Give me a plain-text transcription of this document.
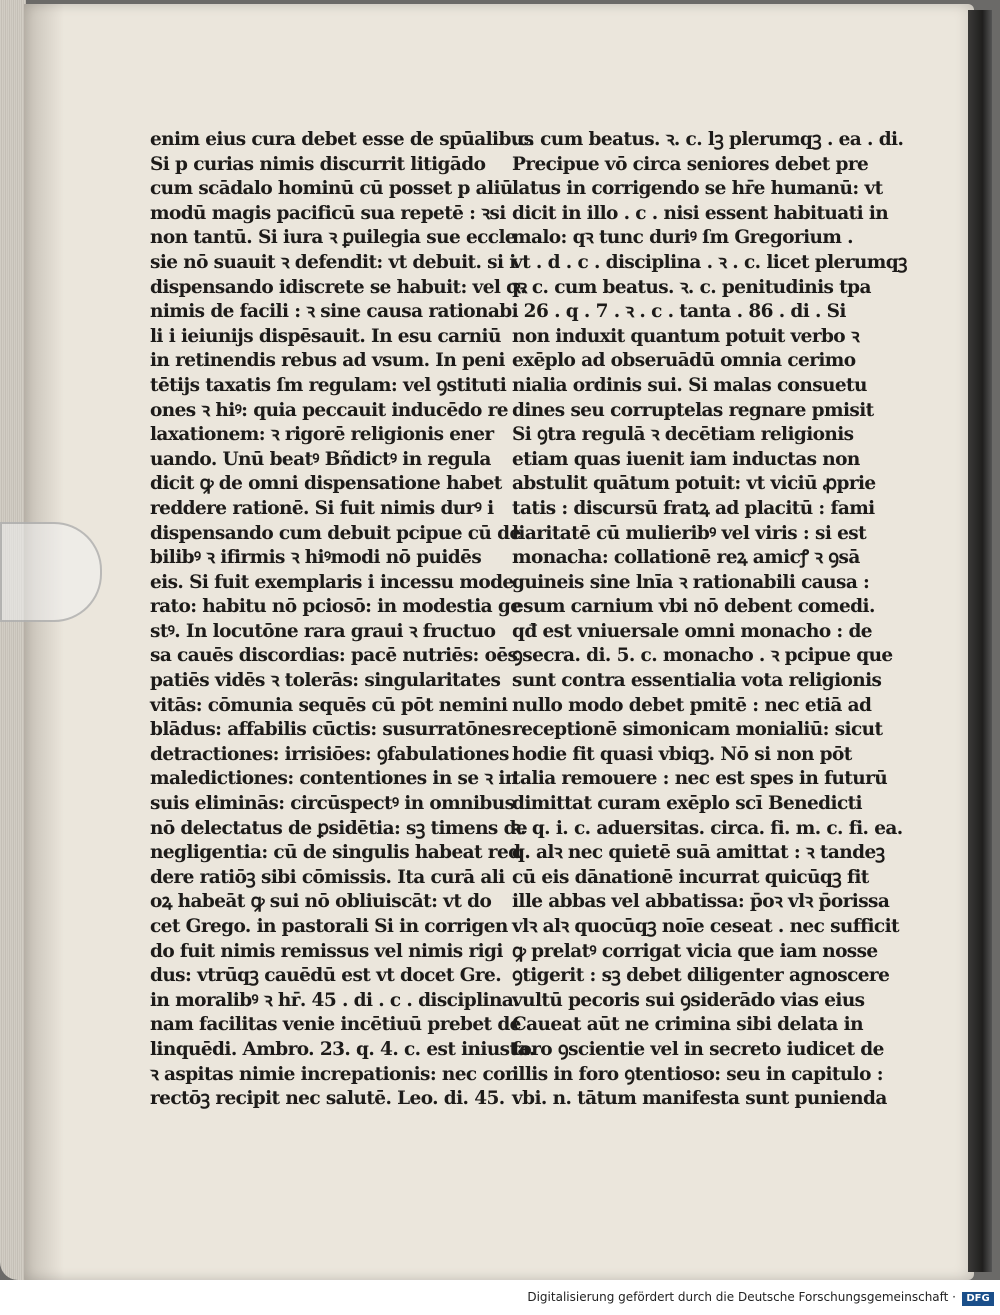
enim eius cura debet esse de spūalibus
Si p curias nimis discurrit litigādo
cum scādalo hominū cū posset p aliū
modū magis pacificū sua repetē : ꝛsi
non tantū. Si iura ꝛ ꝑuilegia sue eccle
sie nō suauit ꝛ defendit: vt debuit. si i
dispensando idiscrete se habuit: vel qꝛ
nimis de facili : ꝛ sine causa rationabi
li i ieiunijs dispēsauit. In esu carniū
in retinendis rebus ad vsum. In peni
tētijs taxatis ſm regulam: vel ꝯstituti
ones ꝛ hiꝰ: quia peccauit inducēdo re
laxationem: ꝛ rigorē religionis ener
uando. Unū beatꝰ Bñdictꝰ in regula
dicit ꝙ de omni dispensatione habet
reddere rationē. Si fuit nimis durꝰ i
dispensando cum debuit pcipue cū de
bilibꝰ ꝛ ifirmis ꝛ hiꝰmodi nō puidēs
eis. Si fuit exemplaris i incessu mode
rato: habitu nō pciosō: in modestia ge
stꝰ. In locutōne rara graui ꝛ fructuo
sa cauēs discordias: pacē nutriēs: oēs
patiēs vidēs ꝛ tolerās: singularitates
vitās: cōmunia sequēs cū pōt nemini
blādus: affabilis cūctis: susurratōnes
detractiones: irrisiōes: ꝯfabulationes
maledictiones: contentiones in se ꝛ in
suis eliminās: circūspectꝰ in omnibus
nō delectatus de ꝑsidētia: sꝫ timens de
negligentia: cū de singulis habeat red
dere ratiōꝫ sibi cōmissis. Ita curā ali
oꝝ habeāt ꝙ sui nō obliuiscāt: vt do
cet Grego. in pastorali Si in corrigen
do fuit nimis remissus vel nimis rigi
dus: vtrūqꝫ cauēdū est vt docet Gre.
in moralibꝰ ꝛ hr̄. 45 . di . c . disciplina.
nam facilitas venie incētiuū prebet de
linquēdi. Ambro. 23. q. 4. c. est iniusta.
ꝛ aspitas nimie increpationis: nec cor
rectōꝫ recipit nec salutē. Leo. di. 45.
.c. cum beatus. ꝛ. c. lꝫ plerumqꝫ . ea . di.
Precipue vō circa seniores debet pre
latus in corrigendo se hr̄e humanū: vt
dicit in illo . c . nisi essent habituati in
malo: qꝛ tunc duriꝰ ſm Gregorium .
vt . d . c . disciplina . ꝛ . c. licet plerumqꝫ
ꝛ. c. cum beatus. ꝛ. c. penitudinis tpa
. 26 . q . 7 . ꝛ . c . tanta . 86 . di . Si
non induxit quantum potuit verbo ꝛ
exēplo ad obseruādū omnia cerimo
nialia ordinis sui. Si malas consuetu
dines seu corruptelas regnare pmisit
Si ꝯtra regulā ꝛ decētiam religionis
etiam quas iuenit iam inductas non
abstulit quātum potuit: vt viciū ꝓprie
tatis : discursū fratꝝ ad placitū : fami
liaritatē cū mulieribꝰ vel viris : si est
monacha: collationē reꝝ amicꝭ ꝛ ꝯsā
guineis sine lnīa ꝛ rationabili causa :
esum carnium vbi nō debent comedi.
qđ est vniuersale omni monacho : de
ꝯsecra. di. 5. c. monacho . ꝛ pcipue que
sunt contra essentialia vota religionis
nullo modo debet pmitē : nec etiā ad
receptionē simonicam monialiū: sicut
hodie fit quasi vbiqꝫ. Nō si non pōt
talia remouere : nec est spes in futurū
dimittat curam exēplo scī Benedicti
ꝛ. q. i. c. aduersitas. circa. fi. m. c. fi. ea.
q. alꝛ nec quietē suā amittat : ꝛ tandeꝫ
cū eis dānationē incurrat quicūqꝫ fit
ille abbas vel abbatissa: p̄oꝛ vlꝛ p̄orissa
vlꝛ alꝛ quocūqꝫ noīe ceseat . nec sufficit
ꝙ prelatꝰ corrigat vicia que iam nosse
ꝯtigerit : sꝫ debet diligenter agnoscere
vultū pecoris sui ꝯsiderādo vias eius
Caueat aūt ne crimina sibi delata in
foro ꝯscientie vel in secreto iudicet de
illis in foro ꝯtentioso: seu in capitulo :
vbi. n. tātum manifesta sunt punienda
Digitalisierung gefördert durch die Deutsche Forschungsgemeinschaft ·	DFG
